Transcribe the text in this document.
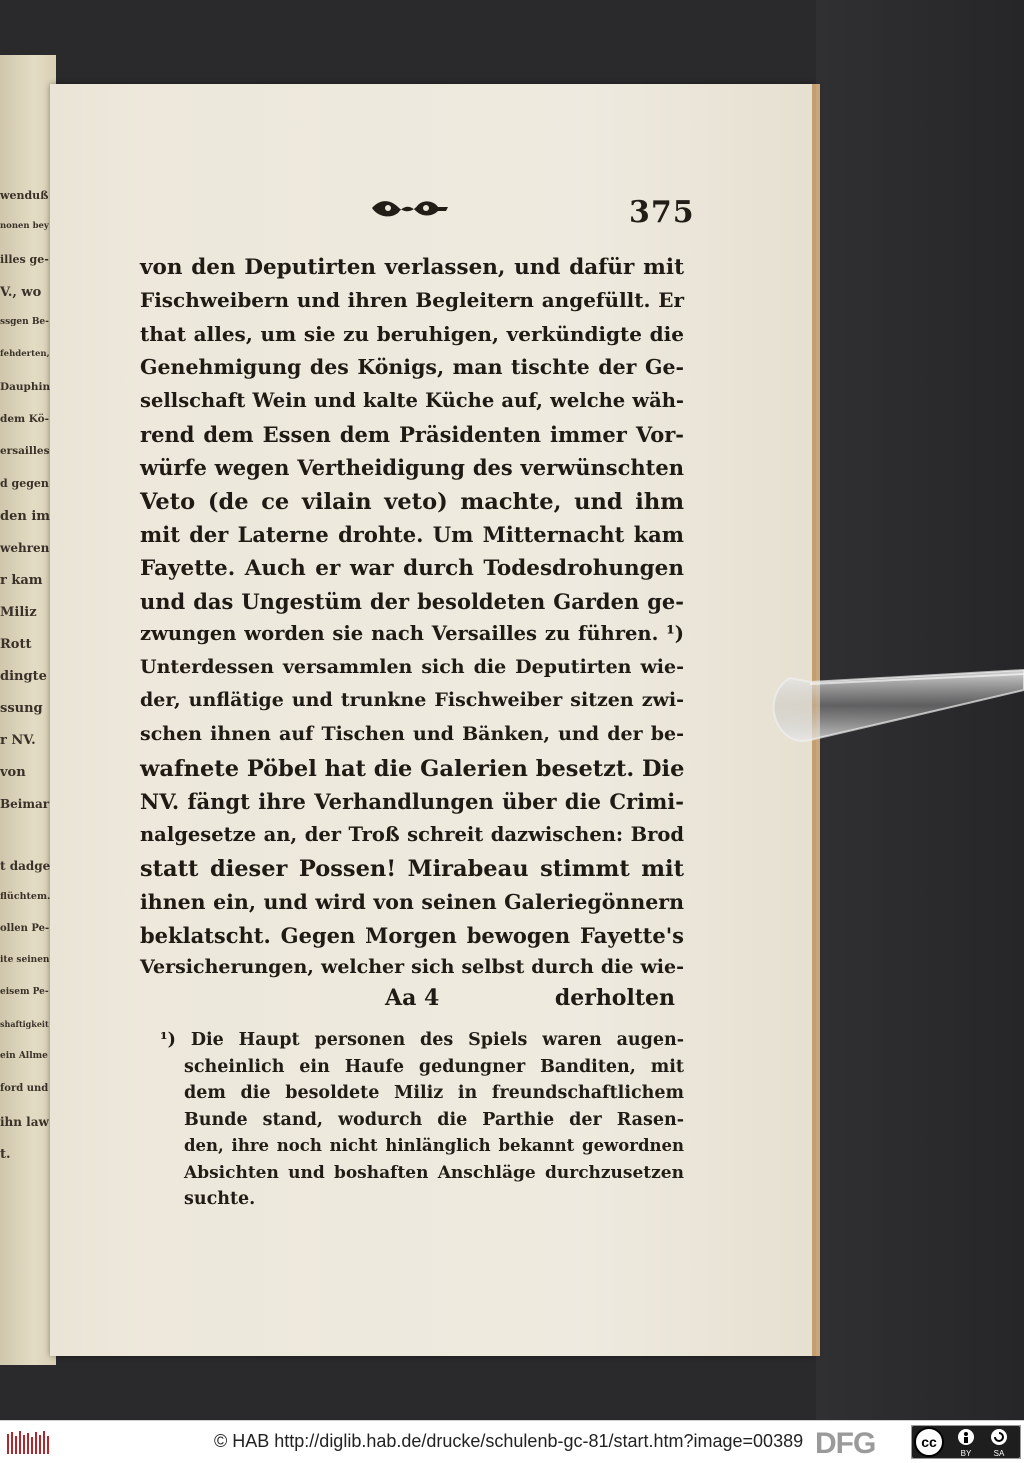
wenduß
nonen bey
illes ge-
V., wo
ssgen Be-
fehderten,
Dauphin
dem Kö-
ersailles
d gegen
den im
wehren
r kam
Miliz
Rott
dingte
ssung
r NV.
von
Beimar
t dadge
flüchtem.
ollen Pe-
ite seinen
eisem Pe-
shaftigkeit
ein Allme
ford und
ihn law
t.
375
von den Deputirten verlassen, und dafür mit
Fischweibern und ihren Begleitern angefüllt. Er
that alles, um sie zu beruhigen, verkündigte die
Genehmigung des Königs, man tischte der Ge-
sellschaft Wein und kalte Küche auf, welche wäh-
rend dem Essen dem Präsidenten immer Vor-
würfe wegen Vertheidigung des verwünschten
Veto (de ce vilain veto) machte, und ihm
mit der Laterne drohte. Um Mitternacht kam
Fayette. Auch er war durch Todesdrohungen
und das Ungestüm der besoldeten Garden ge-
zwungen worden sie nach Versailles zu führen. ¹)
Unterdessen versammlen sich die Deputirten wie-
der, unflätige und trunkne Fischweiber sitzen zwi-
schen ihnen auf Tischen und Bänken, und der be-
wafnete Pöbel hat die Galerien besetzt. Die
NV. fängt ihre Verhandlungen über die Crimi-
nalgesetze an, der Troß schreit dazwischen: Brod
statt dieser Possen! Mirabeau stimmt mit
ihnen ein, und wird von seinen Galeriegönnern
beklatscht. Gegen Morgen bewogen Fayette's
Versicherungen, welcher sich selbst durch die wie-
Aa 4	derholten
¹) Die Haupt personen des Spiels waren augen-
scheinlich ein Haufe gedungner Banditen, mit
dem die besoldete Miliz in freundschaftlichem
Bunde stand, wodurch die Parthie der Rasen-
den, ihre noch nicht hinlänglich bekannt gewordnen
Absichten und boshaften Anschläge durchzusetzen
suchte.
© HAB http://diglib.hab.de/drucke/schulenb-gc-81/start.htm?image=00389 DFG	cc
BY	SA
